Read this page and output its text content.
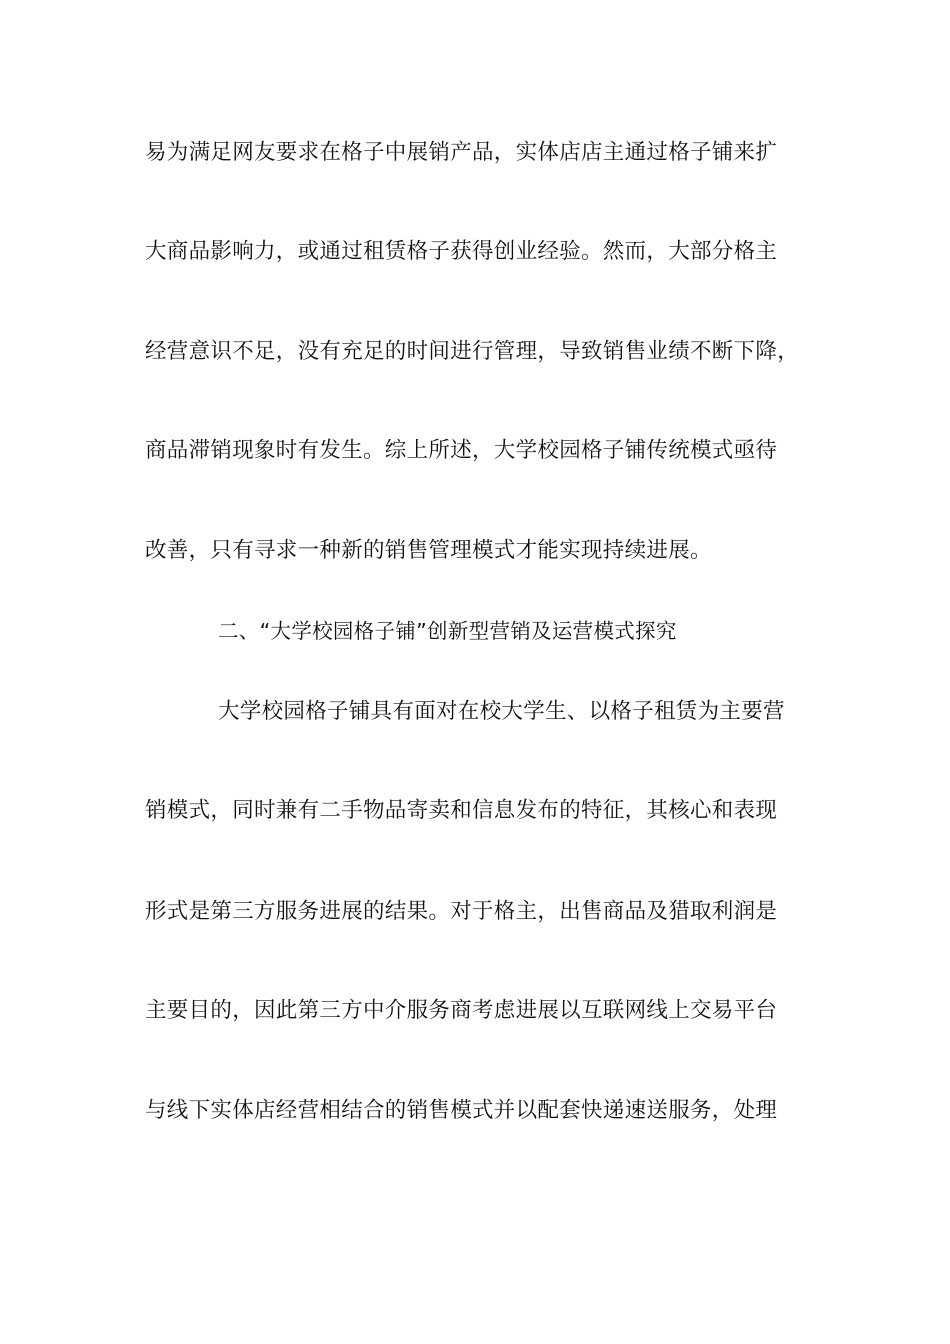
易为满足网友要求在格子中展销产品，实体店店主通过格子铺来扩
大商品影响力，或通过租赁格子获得创业经验。然而，大部分格主
经营意识不足，没有充足的时间进行管理，导致销售业绩不断下降，
商品滞销现象时有发生。综上所述，大学校园格子铺传统模式亟待
改善，只有寻求一种新的销售管理模式才能实现持续进展。
二、“大学校园格子铺”创新型营销及运营模式探究
大学校园格子铺具有面对在校大学生、以格子租赁为主要营
销模式，同时兼有二手物品寄卖和信息发布的特征，其核心和表现
形式是第三方服务进展的结果。对于格主，出售商品及猎取利润是
主要目的，因此第三方中介服务商考虑进展以互联网线上交易平台
与线下实体店经营相结合的销售模式并以配套快递速送服务，处理
